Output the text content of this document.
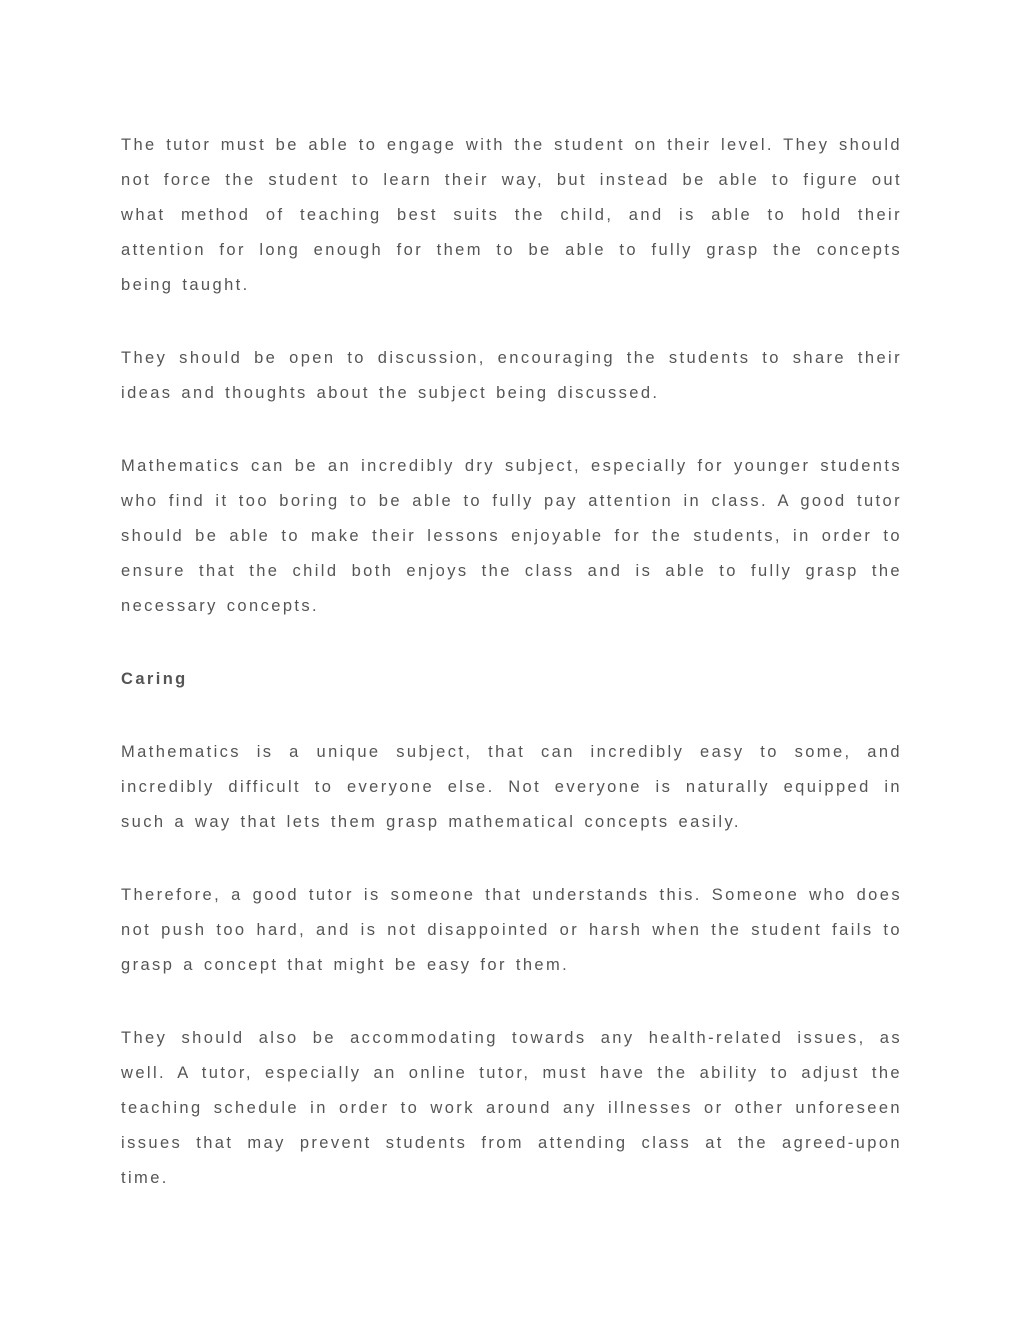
The tutor must be able to engage with the student on their level. They should not force the student to learn their way, but instead be able to figure out what method of teaching best suits the child, and is able to hold their attention for long enough for them to be able to fully grasp the concepts being taught.

They should be open to discussion, encouraging the students to share their ideas and thoughts about the subject being discussed.

Mathematics can be an incredibly dry subject, especially for younger students who find it too boring to be able to fully pay attention in class. A good tutor should be able to make their lessons enjoyable for the students, in order to ensure that the child both enjoys the class and is able to fully grasp the necessary concepts.

Caring

Mathematics is a unique subject, that can incredibly easy to some, and incredibly difficult to everyone else. Not everyone is naturally equipped in such a way that lets them grasp mathematical concepts easily.

Therefore, a good tutor is someone that understands this. Someone who does not push too hard, and is not disappointed or harsh when the student fails to grasp a concept that might be easy for them.

They should also be accommodating towards any health-related issues, as well. A tutor, especially an online tutor, must have the ability to adjust the teaching schedule in order to work around any illnesses or other unforeseen issues that may prevent students from attending class at the agreed-upon time.
